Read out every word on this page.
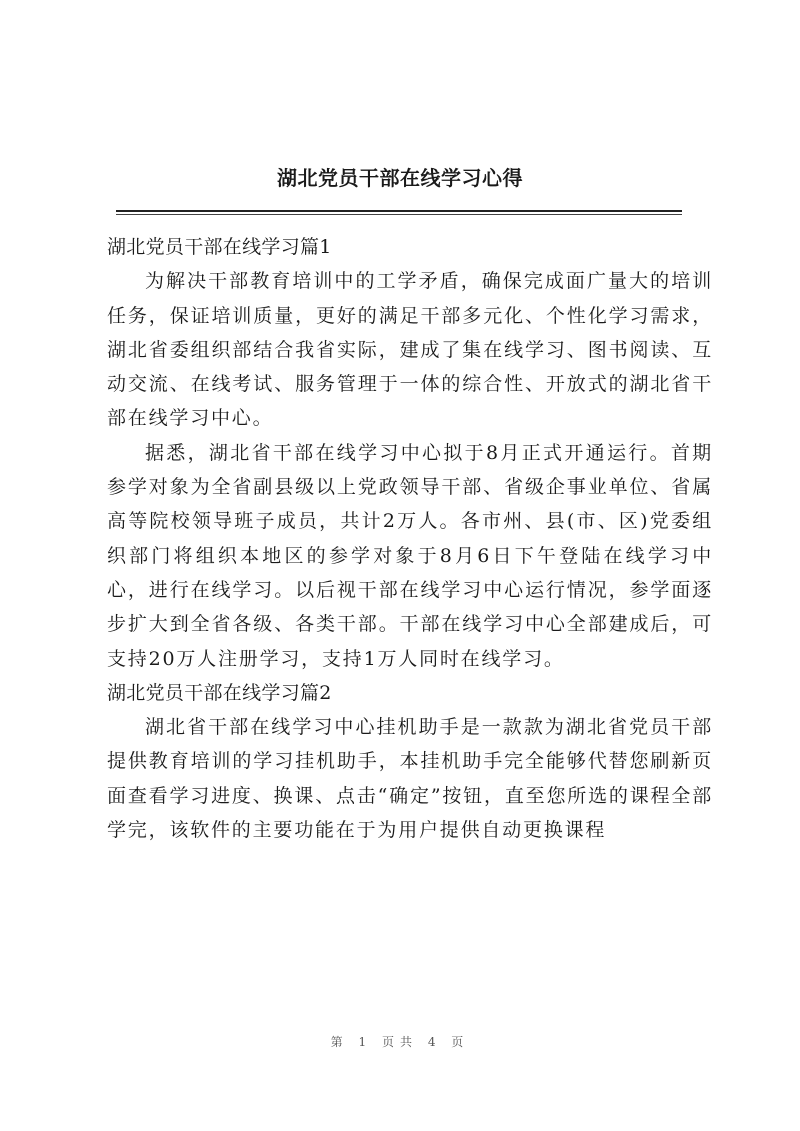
湖北党员干部在线学习心得

湖北党员干部在线学习篇1

为解决干部教育培训中的工学矛盾，确保完成面广量大的培训任务，保证培训质量，更好的满足干部多元化、个性化学习需求，湖北省委组织部结合我省实际，建成了集在线学习、图书阅读、互动交流、在线考试、服务管理于一体的综合性、开放式的湖北省干部在线学习中心。

据悉，湖北省干部在线学习中心拟于8月正式开通运行。首期参学对象为全省副县级以上党政领导干部、省级企事业单位、省属高等院校领导班子成员，共计2万人。各市州、县(市、区)党委组织部门将组织本地区的参学对象于8月6日下午登陆在线学习中心，进行在线学习。以后视干部在线学习中心运行情况，参学面逐步扩大到全省各级、各类干部。干部在线学习中心全部建成后，可支持20万人注册学习，支持1万人同时在线学习。

湖北党员干部在线学习篇2

湖北省干部在线学习中心挂机助手是一款款为湖北省党员干部提供教育培训的学习挂机助手，本挂机助手完全能够代替您刷新页面查看学习进度、换课、点击“确定”按钮，直至您所选的课程全部学完，该软件的主要功能在于为用户提供自动更换课程

第 1 页共 4 页
